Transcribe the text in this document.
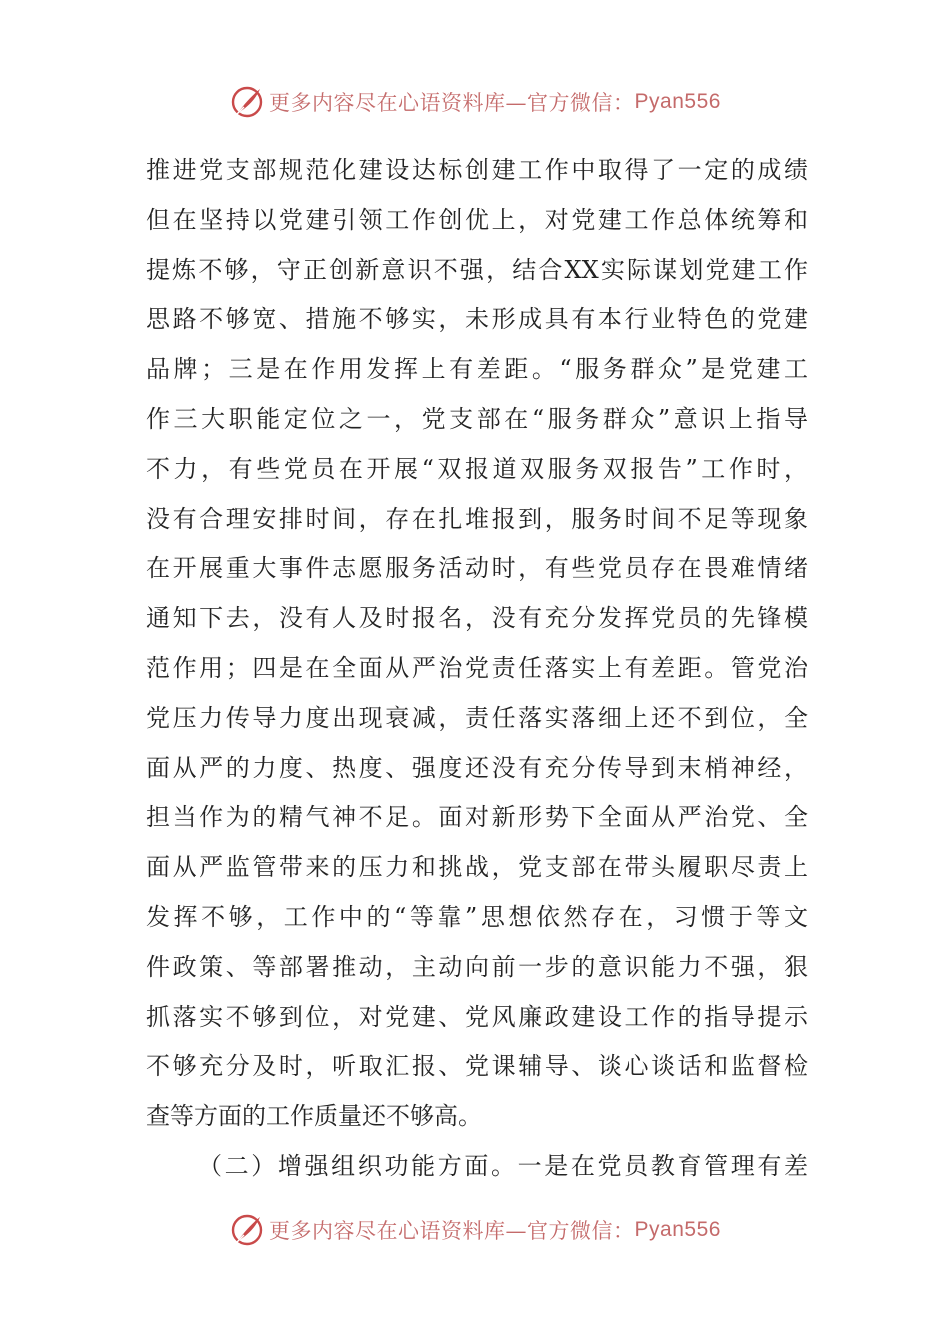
更多内容尽在心语资料库—官方微信： Pyan556
推进党支部规范化建设达标创建工作中取得了一定的成绩
但在坚持以党建引领工作创优上，对党建工作总体统筹和
提炼不够，守正创新意识不强，结合XX实际谋划党建工作
思路不够宽、措施不够实，未形成具有本行业特色的党建
品牌；三是在作用发挥上有差距。“服务群众”是党建工
作三大职能定位之一，党支部在“服务群众”意识上指导
不力，有些党员在开展“双报道双服务双报告”工作时，
没有合理安排时间，存在扎堆报到，服务时间不足等现象
在开展重大事件志愿服务活动时，有些党员存在畏难情绪
通知下去，没有人及时报名，没有充分发挥党员的先锋模
范作用；四是在全面从严治党责任落实上有差距。管党治
党压力传导力度出现衰减，责任落实落细上还不到位，全
面从严的力度、热度、强度还没有充分传导到末梢神经，
担当作为的精气神不足。面对新形势下全面从严治党、全
面从严监管带来的压力和挑战，党支部在带头履职尽责上
发挥不够，工作中的“等靠”思想依然存在，习惯于等文
件政策、等部署推动，主动向前一步的意识能力不强，狠
抓落实不够到位，对党建、党风廉政建设工作的指导提示
不够充分及时，听取汇报、党课辅导、谈心谈话和监督检
查等方面的工作质量还不够高。
（二）增强组织功能方面。一是在党员教育管理有差
更多内容尽在心语资料库—官方微信： Pyan556
